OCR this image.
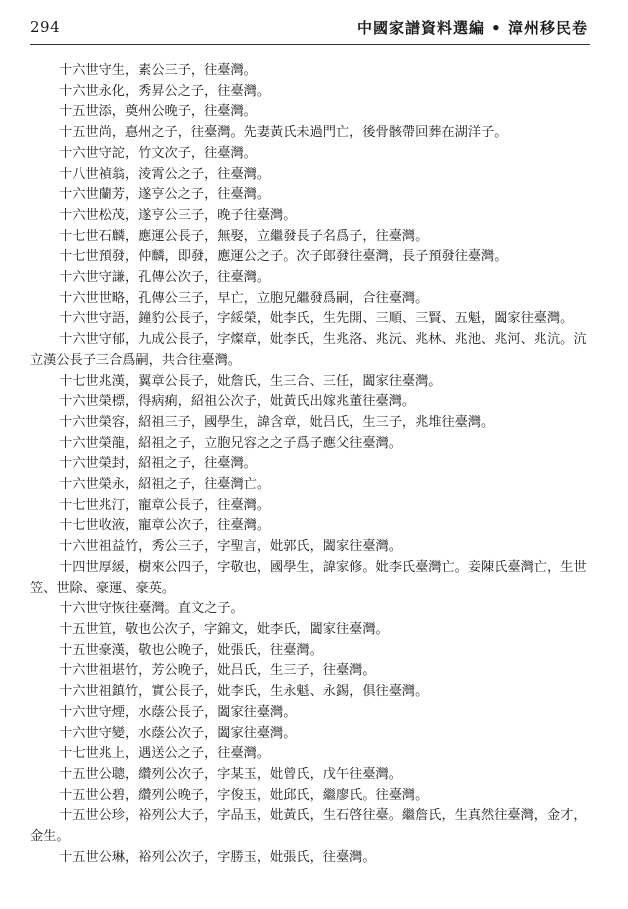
294	中國家譜資料選編 • 漳州移民卷

十六世守生，素公三子，往臺灣。

十六世永化，秀昇公之子，往臺灣。

十五世添，奠州公晚子，往臺灣。

十五世尚，惪州之子，往臺灣。先妻黃氏未過門亡，後骨骸帶回葬在湖洋子。

十六世守詑，竹文次子，往臺灣。

十八世禎翁，淩霄公之子，往臺灣。

十六世蘭芳，遂亨公之子，往臺灣。

十六世松茂，遂亨公三子，晚子往臺灣。

十七世石麟，應運公長子，無娶，立繼發長子名爲子，往臺灣。

十七世預發，仲麟，即發，應運公之子。次子郎發往臺灣，長子預發往臺灣。

十六世守謙，孔傳公次子，往臺灣。

十六世世略，孔傳公三子，早亡，立胞兄繼發爲嗣，合往臺灣。

十六世守語，鐘豹公長子，字綏榮，妣李氏，生先開、三順、三賢、五魁，闔家往臺灣。

十六世守郁，九成公長子，字燦章，妣李氏，生兆洛、兆沅、兆林、兆池、兆河、兆沆。沆立漢公長子三合爲嗣，共合往臺灣。

十七世兆漢，翼章公長子，妣詹氏，生三合、三任，闔家往臺灣。

十六世榮標，得病痢，紹祖公次子，妣黃氏出嫁兆董往臺灣。

十六世榮容，紹祖三子，國學生，諱含章，妣吕氏，生三子，兆堆往臺灣。

十六世榮龍，紹祖之子，立胞兄容之之子爲子應父往臺灣。

十六世榮封，紹祖之子，往臺灣。

十六世榮永，紹祖之子，往臺灣亡。

十七世兆汀，寵章公長子，往臺灣。

十七世收液，寵章公次子，往臺灣。

十六世祖益竹，秀公三子，字聖言，妣郭氏，闔家往臺灣。

十四世厚緩，樹來公四子，字敬也，國學生，諱家修。妣李氏臺灣亡。妾陳氏臺灣亡，生世笠、世除、豪運、豪英。

十六世守恢往臺灣。直文之子。

十五世笪，敬也公次子，字錦文，妣李氏，闔家往臺灣。

十五世豪漢，敬也公晚子，妣張氏，往臺灣。

十六世祖堪竹，芳公晚子，妣吕氏，生三子，往臺灣。

十六世祖鎮竹，實公長子，妣李氏，生永魁、永錫，俱往臺灣。

十六世守煙，水蔭公長子，闔家往臺灣。

十六世守變，水蔭公次子，闔家往臺灣。

十七世兆上，遇送公之子，往臺灣。

十五世公聰，纘列公次子，字某玉，妣曾氏，戊午往臺灣。

十五世公碧，纘列公晚子，字俊玉，妣邱氏，繼廖氏。往臺灣。

十五世公珍，裕列公大子，字品玉，妣黃氏，生石啓往臺。繼詹氏，生真然往臺灣，金才，金生。

十五世公琳，裕列公次子，字勝玉，妣張氏，往臺灣。
